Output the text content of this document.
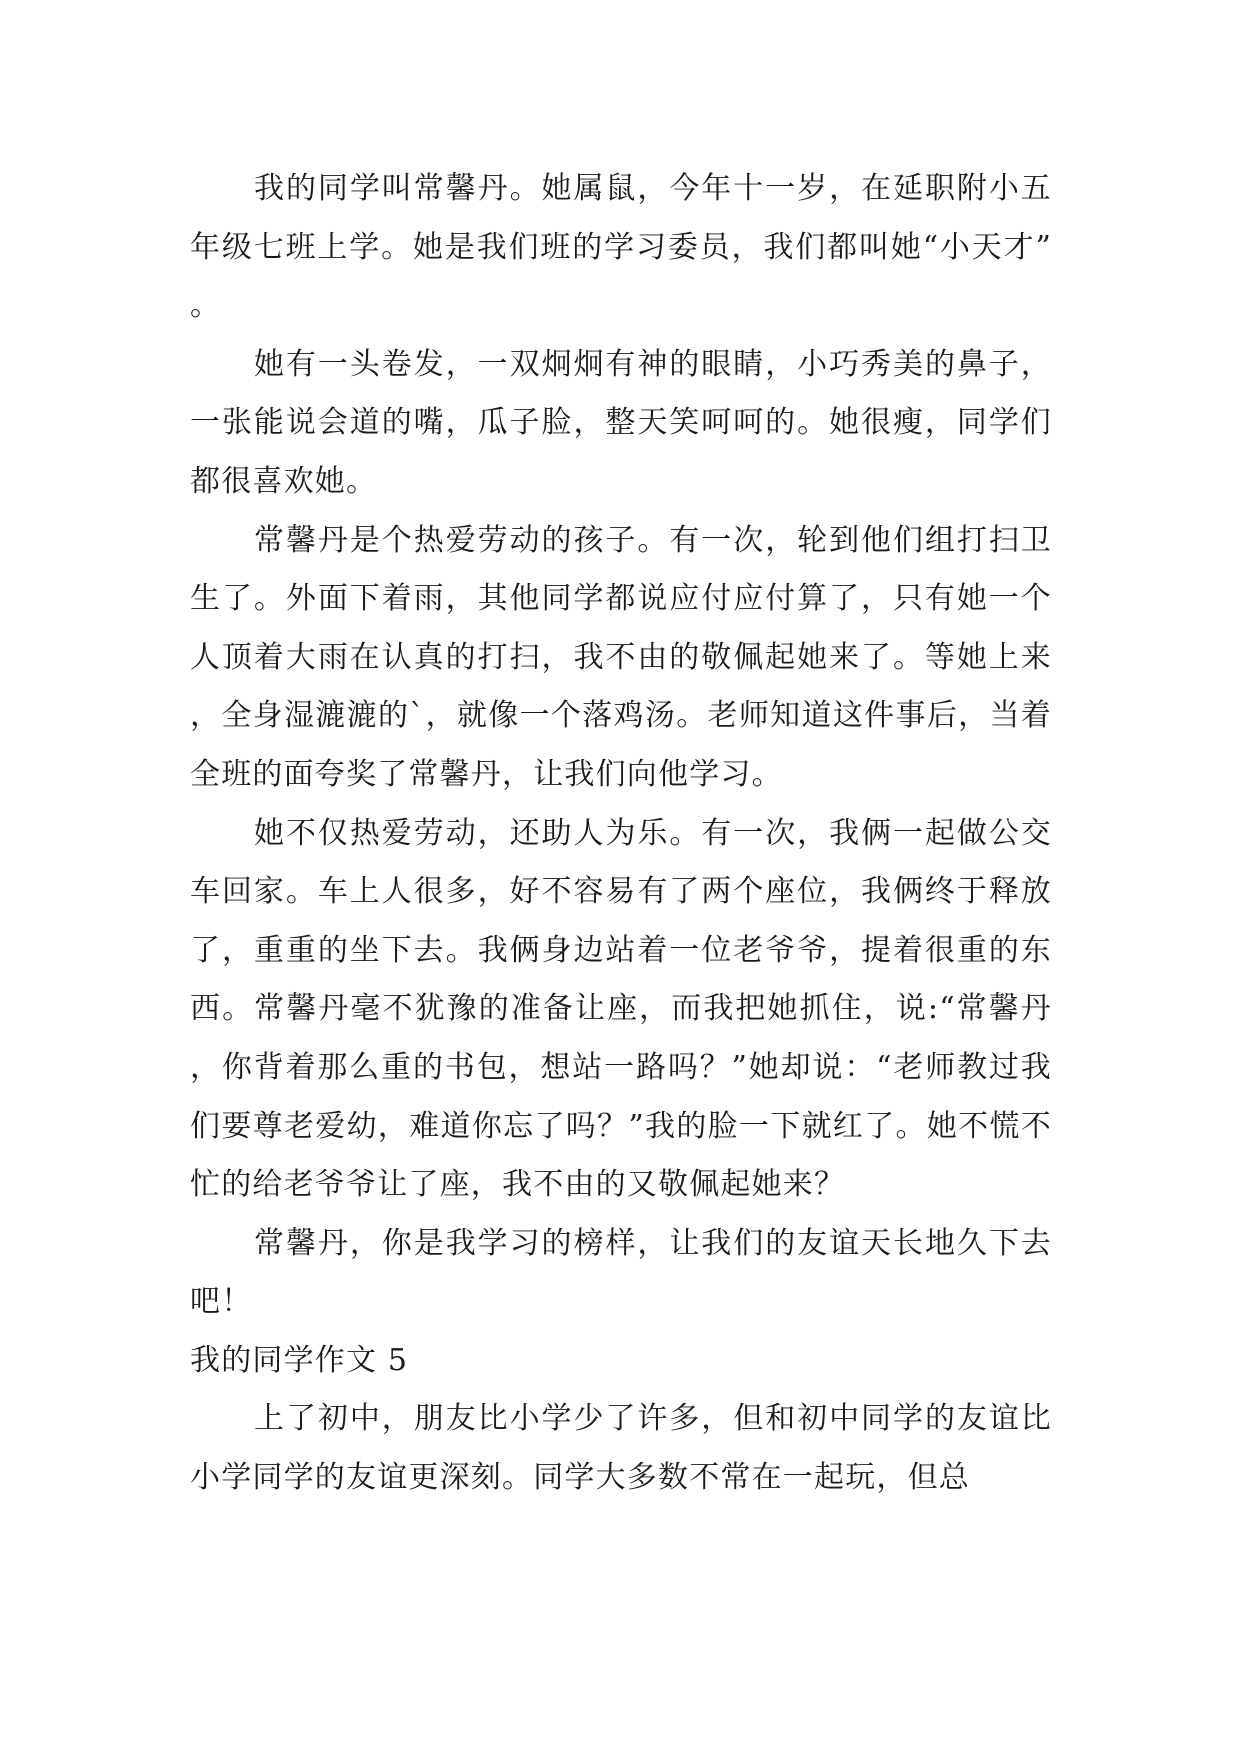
我的同学叫常馨丹。她属鼠，今年十一岁，在延职附小五年级七班上学。她是我们班的学习委员，我们都叫她“小天才”。

她有一头卷发，一双炯炯有神的眼睛，小巧秀美的鼻子，一张能说会道的嘴，瓜子脸，整天笑呵呵的。她很瘦，同学们都很喜欢她。

常馨丹是个热爱劳动的孩子。有一次，轮到他们组打扫卫生了。外面下着雨，其他同学都说应付应付算了，只有她一个人顶着大雨在认真的打扫，我不由的敬佩起她来了。等她上来，全身湿漉漉的`，就像一个落鸡汤。老师知道这件事后，当着全班的面夸奖了常馨丹，让我们向他学习。

她不仅热爱劳动，还助人为乐。有一次，我俩一起做公交车回家。车上人很多，好不容易有了两个座位，我俩终于释放了，重重的坐下去。我俩身边站着一位老爷爷，提着很重的东西。常馨丹毫不犹豫的准备让座，而我把她抓住，说:“常馨丹，你背着那么重的书包，想站一路吗？”她却说：“老师教过我们要尊老爱幼，难道你忘了吗？”我的脸一下就红了。她不慌不忙的给老爷爷让了座，我不由的又敬佩起她来？

常馨丹，你是我学习的榜样，让我们的友谊天长地久下去吧！

我的同学作文 5

上了初中，朋友比小学少了许多，但和初中同学的友谊比小学同学的友谊更深刻。同学大多数不常在一起玩，但总
